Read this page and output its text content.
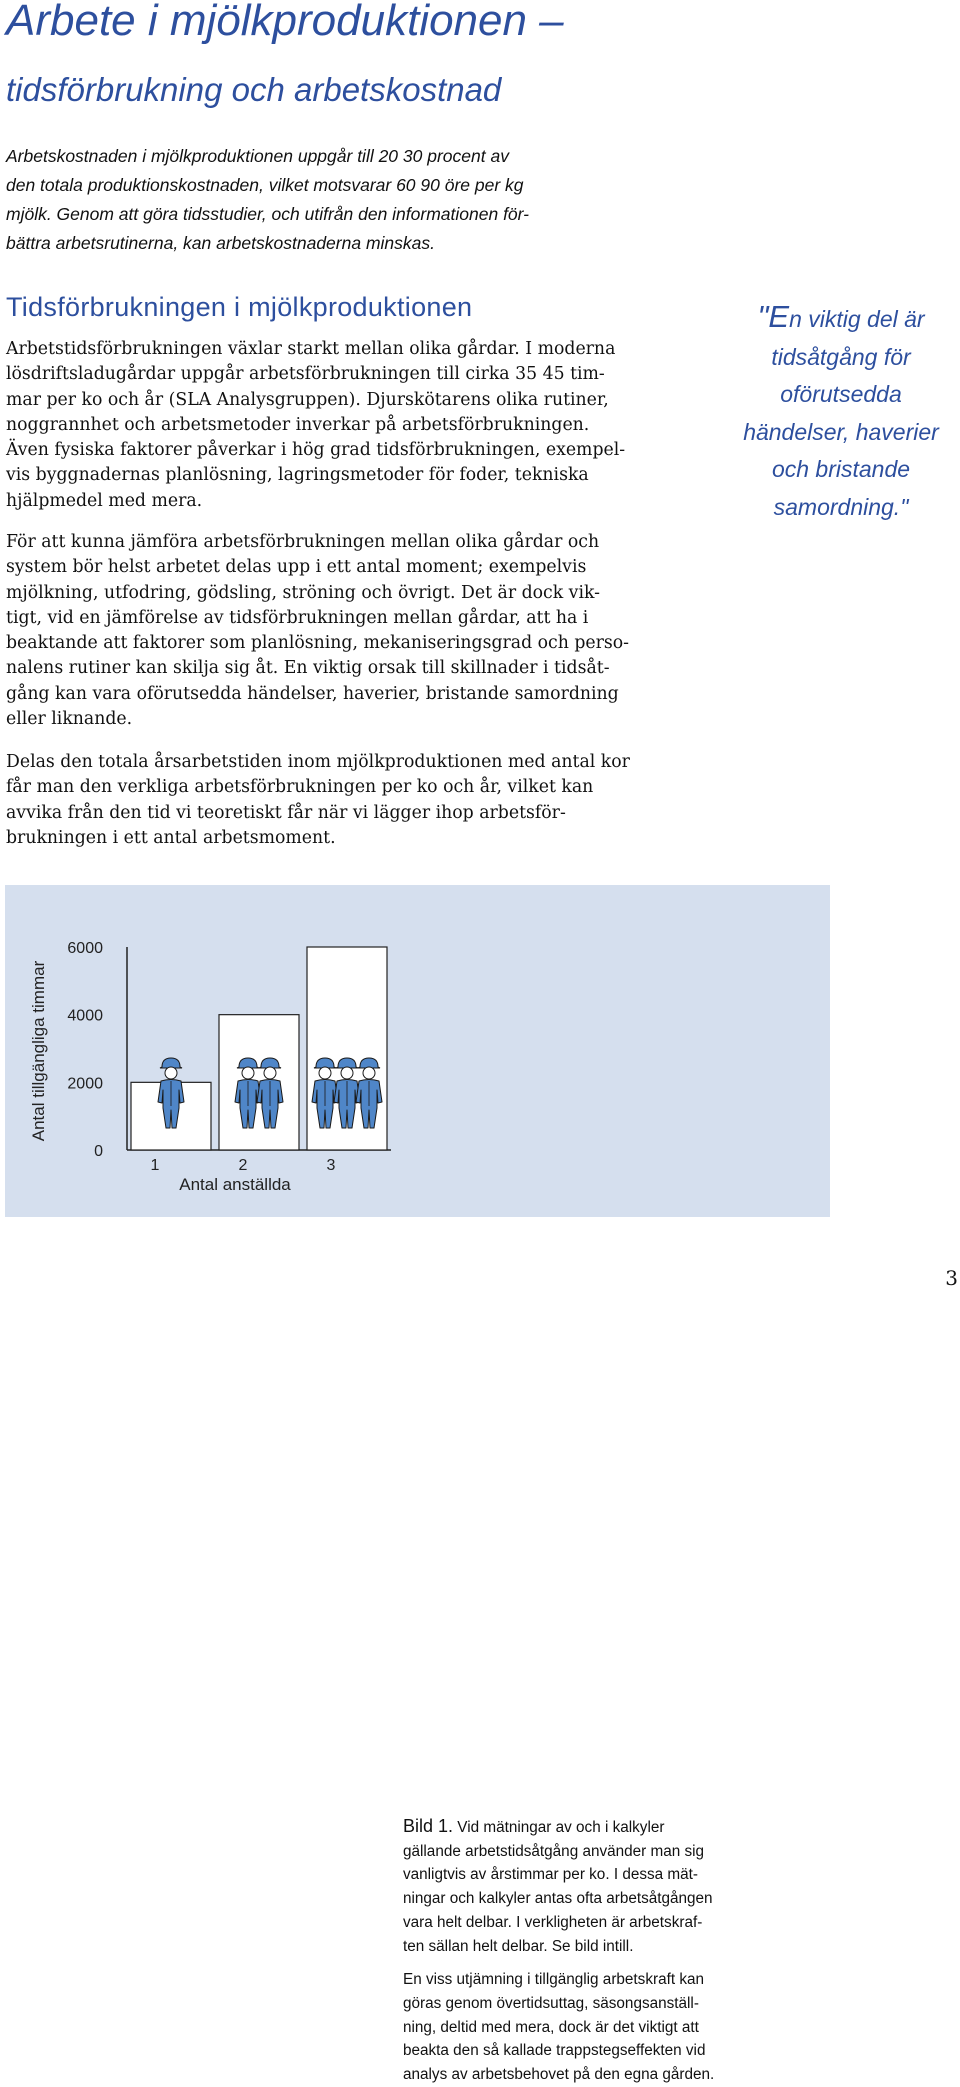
Arbete i mjölkproduktionen –
tidsförbrukning och arbetskostnad
Arbetskostnaden i mjölkproduktionen uppgår till 20 30 procent av
den totala produktionskostnaden, vilket motsvarar 60 90 öre per kg
mjölk. Genom att göra tidsstudier, och utifrån den informationen för-
bättra arbetsrutinerna, kan arbetskostnaderna minskas.
Tidsförbrukningen i mjölkproduktionen
Arbetstidsförbrukningen växlar starkt mellan olika gårdar. I moderna
lösdriftsladugårdar uppgår arbetsförbrukningen till cirka 35 45 tim-
mar per ko och år (SLA Analysgruppen). Djurskötarens olika rutiner,
noggrannhet och arbetsmetoder inverkar på arbetsförbrukningen.
Även fysiska faktorer påverkar i hög grad tidsförbrukningen, exempel-
vis byggnadernas planlösning, lagringsmetoder för foder, tekniska
hjälpmedel med mera.
För att kunna jämföra arbetsförbrukningen mellan olika gårdar och
system bör helst arbetet delas upp i ett antal moment; exempelvis
mjölkning, utfodring, gödsling, ströning och övrigt. Det är dock vik-
tigt, vid en jämförelse av tidsförbrukningen mellan gårdar, att ha i
beaktande att faktorer som planlösning, mekaniseringsgrad och perso-
nalens rutiner kan skilja sig åt. En viktig orsak till skillnader i tidsåt-
gång kan vara oförutsedda händelser, haverier, bristande samordning
eller liknande.
Delas den totala årsarbetstiden inom mjölkproduktionen med antal kor
får man den verkliga arbetsförbrukningen per ko och år, vilket kan
avvika från den tid vi teoretiskt får när vi lägger ihop arbetsför-
brukningen i ett antal arbetsmoment.
"En viktig del är
tidsåtgång för
oförutsedda
händelser, haverier
och bristande
samordning."
6000
4000
2000
0
1	2	3
Antal anställda
Antal tillgängliga timmar
Bild 1. Vid mätningar av och i kalkyler
gällande arbetstidsåtgång använder man sig
vanligtvis av årstimmar per ko. I dessa mät-
ningar och kalkyler antas ofta arbetsåtgången
vara helt delbar. I verkligheten är arbetskraf-
ten sällan helt delbar. Se bild intill.
En viss utjämning i tillgänglig arbetskraft kan
göras genom övertidsuttag, säsongsanställ-
ning, deltid med mera, dock är det viktigt att
beakta den så kallade trappstegseffekten vid
analys av arbetsbehovet på den egna gården.
3
